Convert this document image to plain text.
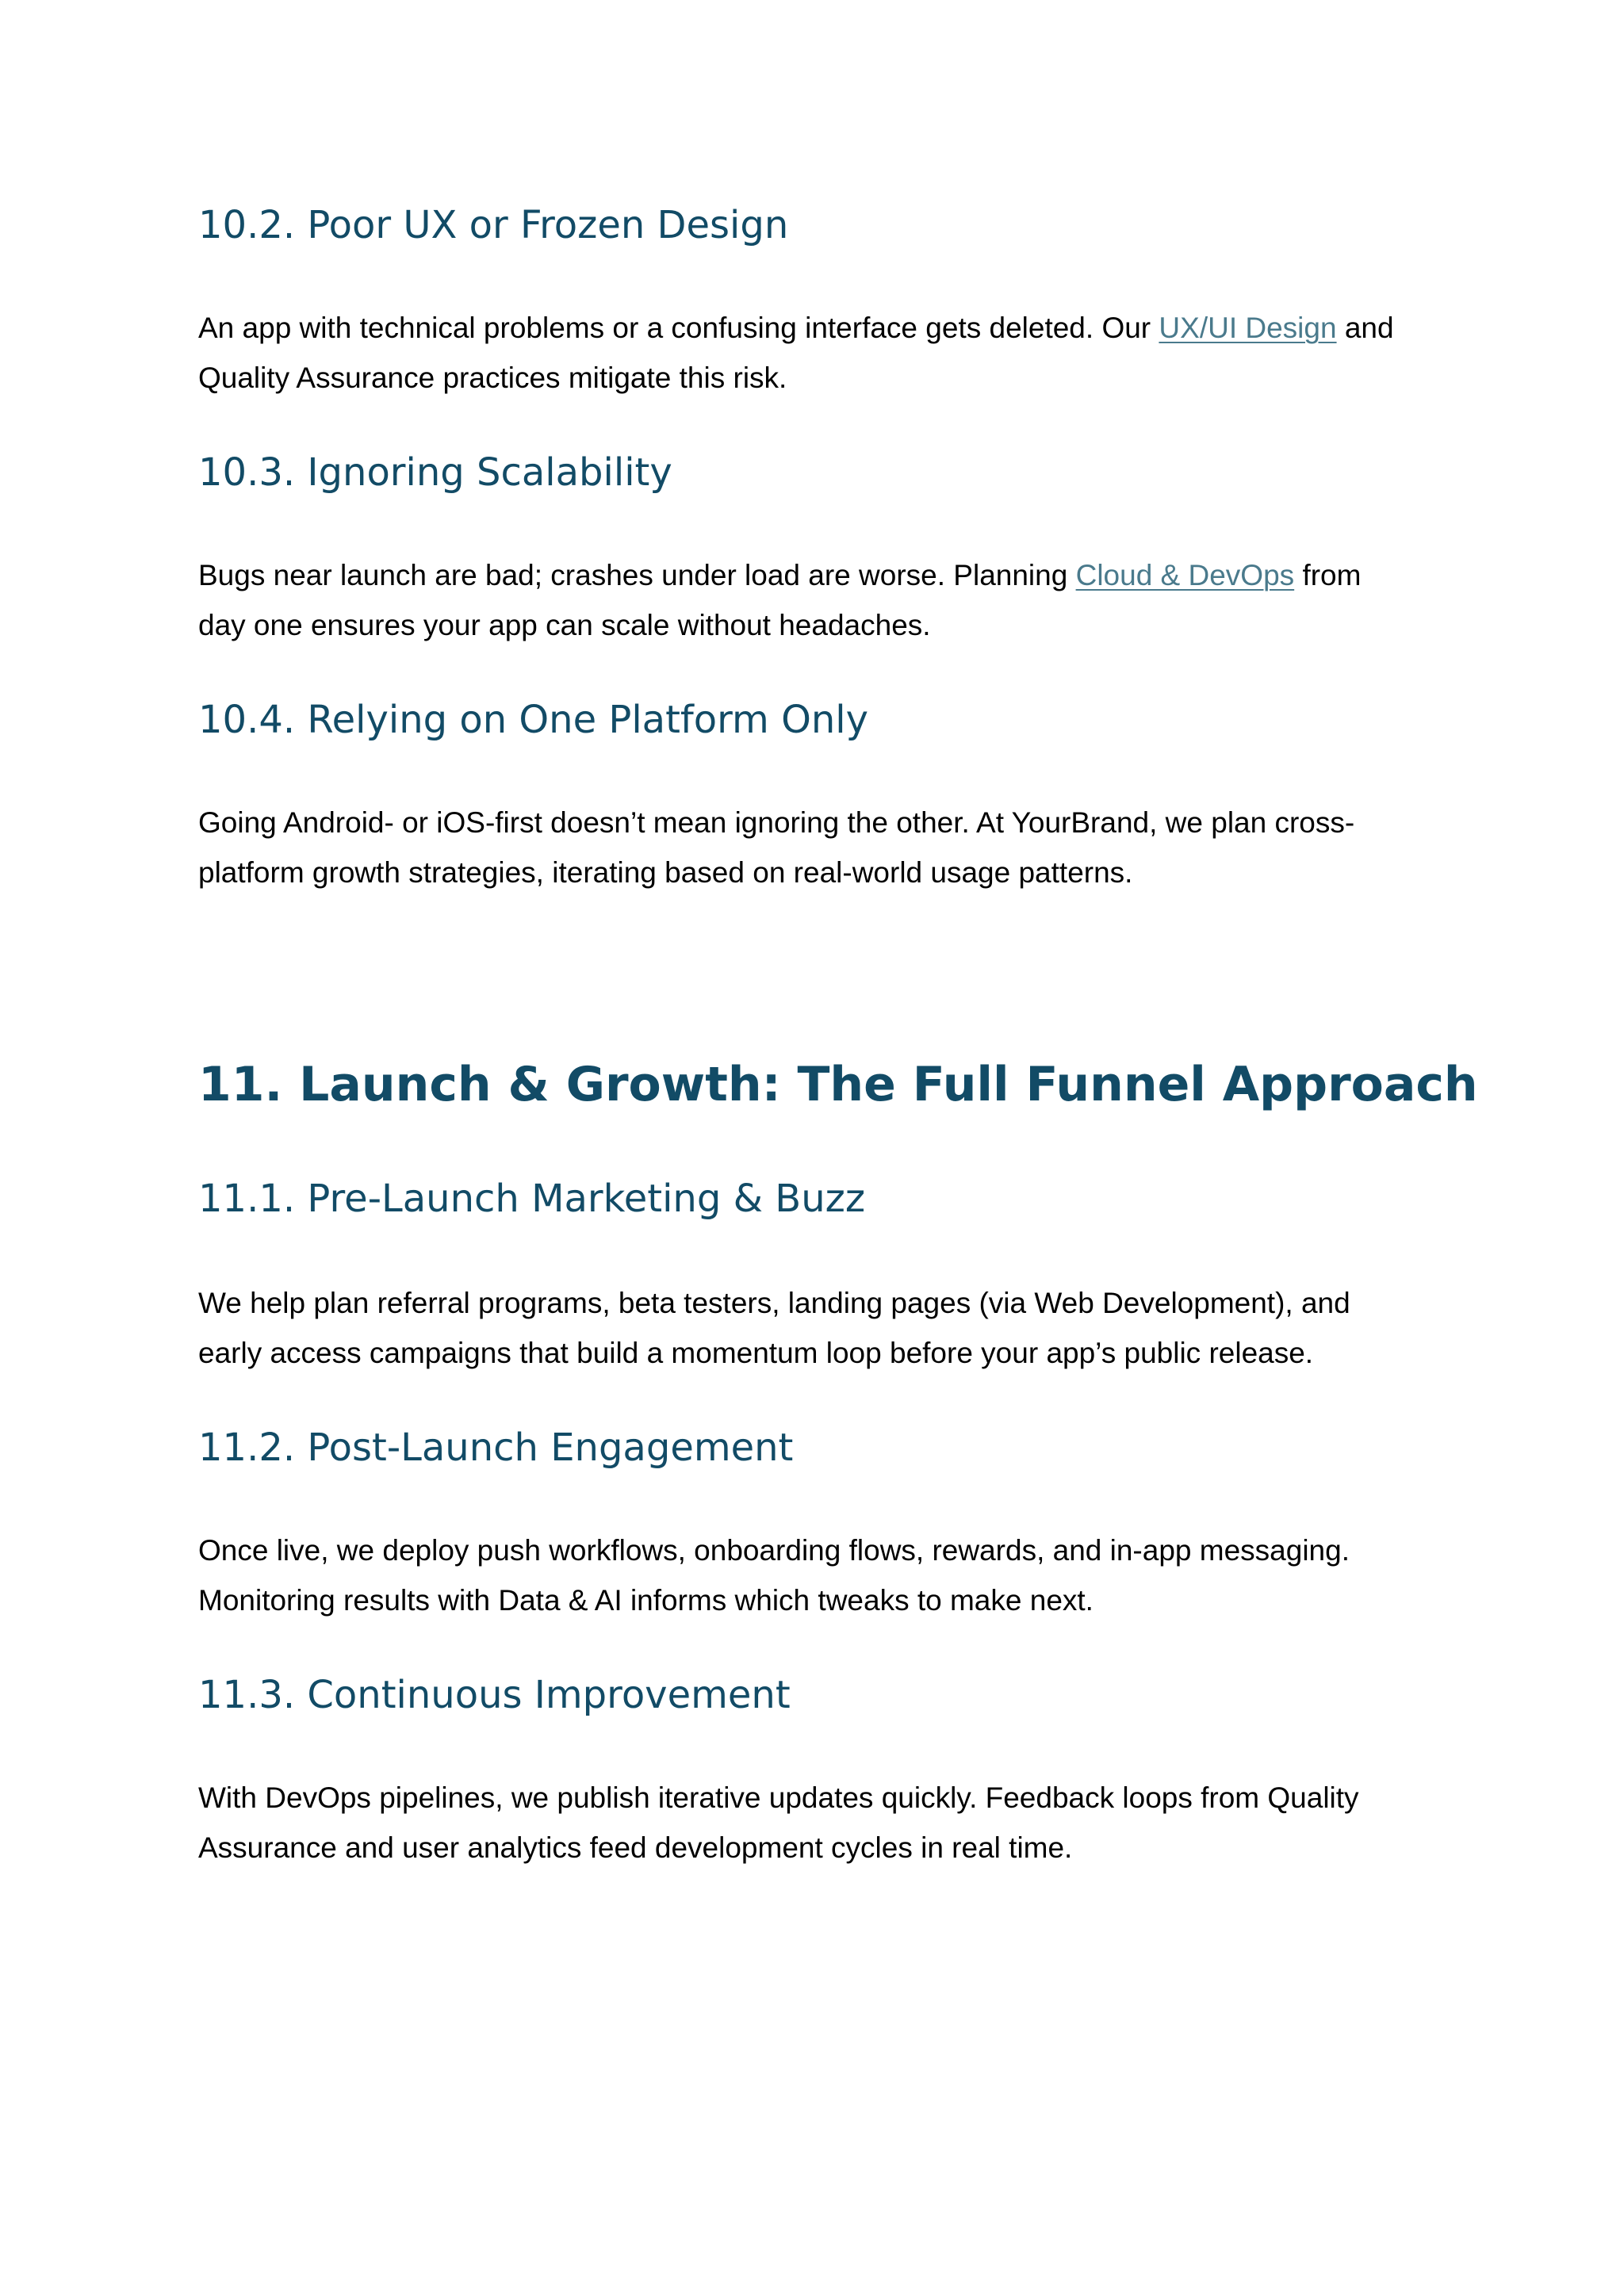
10.2. Poor UX or Frozen Design

An app with technical problems or a confusing interface gets deleted. Our UX/UI Design and
Quality Assurance practices mitigate this risk.

10.3. Ignoring Scalability

Bugs near launch are bad; crashes under load are worse. Planning Cloud & DevOps from
day one ensures your app can scale without headaches.

10.4. Relying on One Platform Only

Going Android- or iOS-first doesn’t mean ignoring the other. At YourBrand, we plan cross-
platform growth strategies, iterating based on real-world usage patterns.

11. Launch & Growth: The Full Funnel Approach
11.1. Pre-Launch Marketing & Buzz

We help plan referral programs, beta testers, landing pages (via Web Development), and
early access campaigns that build a momentum loop before your app’s public release.

11.2. Post-Launch Engagement

Once live, we deploy push workflows, onboarding flows, rewards, and in-app messaging.
Monitoring results with Data & AI informs which tweaks to make next.

11.3. Continuous Improvement

With DevOps pipelines, we publish iterative updates quickly. Feedback loops from Quality
Assurance and user analytics feed development cycles in real time.
